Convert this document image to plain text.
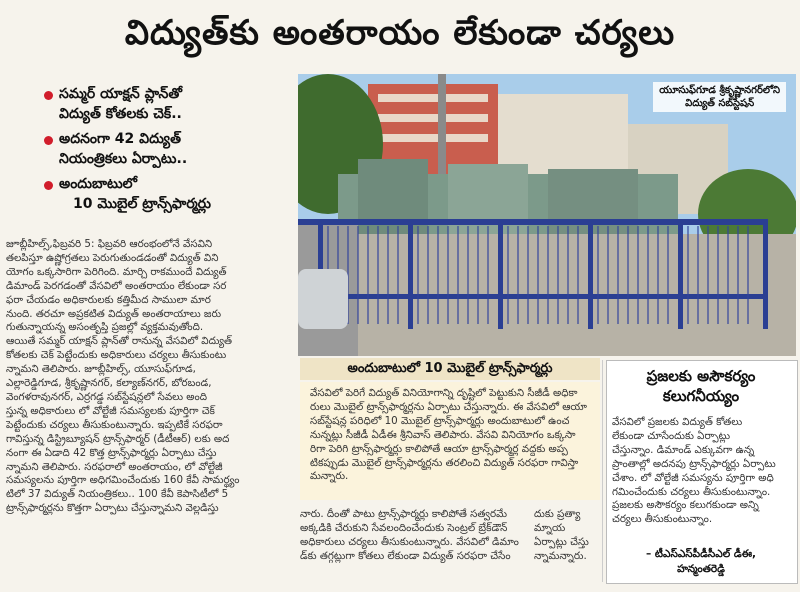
విద్యుత్‌కు అంతరాయం లేకుండా చర్యలు
సమ్మర్ యాక్షన్ ప్లాన్‌తో
విద్యుత్ కోతలకు చెక్..
అదనంగా 42 విద్యుత్
నియంత్రికలు ఏర్పాటు..
అందుబాటులో
10 మొబైల్ ట్రాన్స్‌ఫార్మర్లు
జూబ్లీహిల్స్,ఫిబ్రవరి 5: ఫిబ్రవరి ఆరంభంలోనే వేసవిని
తలపిస్తూ ఉష్ణోగ్రతలు పెరుగుతుండడంతో విద్యుత్ విని
యోగం ఒక్కసారిగా పెరిగింది. మార్చి రాకముందే విద్యుత్
డిమాండ్ పెరగడంతో వేసవిలో అంతరాయం లేకుండా సర
ఫరా చేయడం అధికారులకు కత్తిమీద సాములా మార
నుంది. తరచూ అప్రకటిత విద్యుత్ అంతరాయాలు జరు
గుతున్నాయన్న అసంతృప్తి ప్రజల్లో వ్యక్తమవుతోంది.
ఆయితే సమ్మర్ యాక్షన్ ప్లాన్‌తో రానున్న వేసవిలో విద్యుత్
కోతలకు చెక్ పెట్టేందుకు అధికారులు చర్యలు తీసుకుంటు
న్నామని తెలిపారు. జూబ్లీహిల్స్, యూసుఫ్‌గూడ,
ఎల్లారెడ్డిగూడ, శ్రీకృష్ణానగర్, కల్యాణ్‌నగర్, బోరబండ,
వెంగళరావునగర్, ఎర్రగడ్డ సబ్‌స్టేషన్లలో సేవలు అంది
స్తున్న అధికారులు లో వోల్టేజీ సమస్యలకు పూర్తిగా చెక్
పెట్టేందుకు చర్యలు తీసుకుంటున్నారు. ఇప్పటికే సరఫరా
గావిస్తున్న డిస్ట్రిబ్యూషన్ ట్రాన్స్‌ఫార్మర్ (డీటీఆర్) లకు అద
నంగా ఈ ఏడాది 42 కొత్త ట్రాన్స్‌ఫార్మర్లు ఏర్పాటు చేస్తు
న్నామని తెలిపారు. సరఫరాలో అంతరాయం, లో వోల్టేజీ
సమస్యలను పూర్తిగా అధిగమించేందుకు 160 కేవీ సామర్థ్యం
టిలో 37 విద్యుత్ నియంత్రికలు.. 100 కేవీ కెపాసిటీలో 5
ట్రాన్స్‌ఫార్మర్లను కొత్తగా ఏర్పాటు చేస్తున్నామని వెల్లడిస్తు
యూసుఫ్‌గూడ శ్రీకృష్ణానగర్‌లోని
విద్యుత్ సబ్‌స్టేషన్
అందుబాటులో 10 మొబైల్ ట్రాన్స్‌ఫార్మర్లు
వేసవిలో పెరిగే విద్యుత్ వినియోగాన్ని దృష్టిలో పెట్టుకుని సీజీడీ అధికా
రులు మొబైల్ ట్రాన్స్‌ఫార్మర్లను ఏర్పాటు చేస్తున్నారు. ఈ వేసవిలో ఆయా
సబ్‌స్టేషన్ల పరిధిలో 10 మొబైల్ ట్రాన్స్‌ఫార్మర్లు అందుబాటులో ఉంచ
నున్నట్లు సీజీడీ ఏడీఈ శ్రీనివాస్ తెలిపారు. వేసవి వినియోగం ఒక్కసా
రిగా పెరిగి ట్రాన్స్‌ఫార్మర్లు కాలిపోతే ఆయా ట్రాన్స్‌ఫార్మర్ల వద్దకు అప్ప
టికప్పుడు మొబైల్ ట్రాన్స్‌ఫార్మర్లను తరలించి విద్యుత్ సరఫరా గావిస్తా
మన్నారు.
నారు. దీంతో పాటు ట్రాన్స్‌ఫార్మర్లు కాలిపోతే సత్వరమే
అక్కడికి చేరుకుని సేవలందించేందుకు సెంట్రల్ బ్రేక్‌డౌన్
అధికారులు చర్యలు తీసుకుంటున్నారు. వేసవిలో డిమాం
డ్‌కు తగ్గట్లుగా కోతలు లేకుండా విద్యుత్ సరఫరా చేసేం
దుకు ప్రత్యా
మ్నాయ
ఏర్పాట్లు చేస్తు
న్నామన్నారు.
ప్రజలకు అసౌకర్యం
కలుగనీయ్యం
వేసవిలో ప్రజలకు విద్యుత్ కోతలు
లేకుండా చూసేందుకు ఏర్పాట్లు
చేస్తున్నాం. డిమాండ్ ఎక్కువగా ఉన్న
ప్రాంతాల్లో అదనపు ట్రాన్స్‌ఫార్మర్లు ఏర్పాటు
చేశాం. లో వోల్టేజీ సమస్యను పూర్తిగా అధి
గమించేందుకు చర్యలు తీసుకుంటున్నాం.
ప్రజలకు అసౌకర్యం కలుగకుండా అన్ని
చర్యలు తీసుకుంటున్నాం.
– టీఎస్ఎస్‌పీడీసీఎల్ డీఈ,
హన్మంతరెడ్డి
